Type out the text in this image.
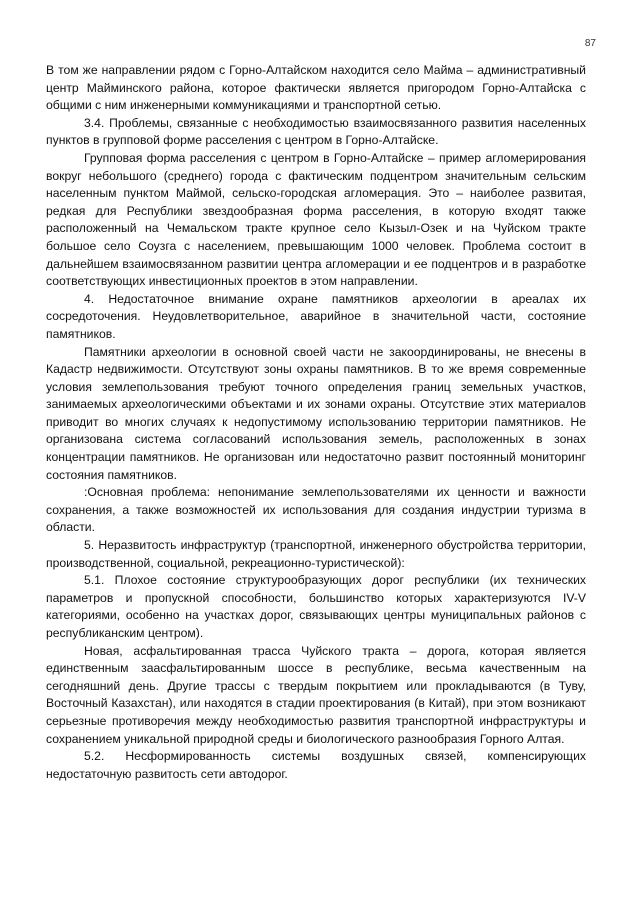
87

В том же направлении рядом с Горно-Алтайском находится село Майма – административный центр Майминского района, которое фактически является пригородом Горно-Алтайска с общими с ним инженерными коммуникациями и транспортной сетью.

3.4. Проблемы, связанные с необходимостью взаимосвязанного развития населенных пунктов в групповой форме расселения с центром в Горно-Алтайске.

Групповая форма расселения с центром в Горно-Алтайске – пример агломерирования вокруг небольшого (среднего) города с фактическим подцентром значительным сельским населенным пунктом Маймой, сельско-городская агломерация. Это – наиболее развитая, редкая для Республики звездообразная форма расселения, в которую входят также расположенный на Чемальском тракте крупное село Кызыл-Озек и на Чуйском тракте большое село Соузга с населением, превышающим 1000 человек. Проблема состоит в дальнейшем взаимосвязанном развитии центра агломерации и ее подцентров и в разработке соответствующих инвестиционных проектов в этом направлении.

4. Недостаточное внимание охране памятников археологии в ареалах их сосредоточения. Неудовлетворительное, аварийное в значительной части, состояние памятников.

Памятники археологии в основной своей части не закоординированы, не внесены в Кадастр недвижимости. Отсутствуют зоны охраны памятников. В то же время современные условия землепользования требуют точного определения границ земельных участков, занимаемых археологическими объектами и их зонами охраны. Отсутствие этих материалов приводит во многих случаях к недопустимому использованию территории памятников. Не организована система согласований использования земель, расположенных в зонах концентрации памятников. Не организован или недостаточно развит постоянный мониторинг состояния памятников.

:Основная проблема: непонимание землепользователями их ценности и важности сохранения, а также возможностей их использования для создания индустрии туризма в области.

5. Неразвитость инфраструктур (транспортной, инженерного обустройства территории, производственной, социальной, рекреационно-туристической):

5.1. Плохое состояние структурообразующих дорог республики (их технических параметров и пропускной способности, большинство которых характеризуются IV-V категориями, особенно на участках дорог, связывающих центры муниципальных районов с республиканским центром).

Новая, асфальтированная трасса Чуйского тракта – дорога, которая является единственным заасфальтированным шоссе в республике, весьма качественным на сегодняшний день. Другие трассы с твердым покрытием или прокладываются (в Туву, Восточный Казахстан), или находятся в стадии проектирования (в Китай), при этом возникают серьезные противоречия между необходимостью развития транспортной инфраструктуры и сохранением уникальной природной среды и биологического разнообразия Горного Алтая.

5.2. Несформированность системы воздушных связей, компенсирующих недостаточную развитость сети автодорог.
